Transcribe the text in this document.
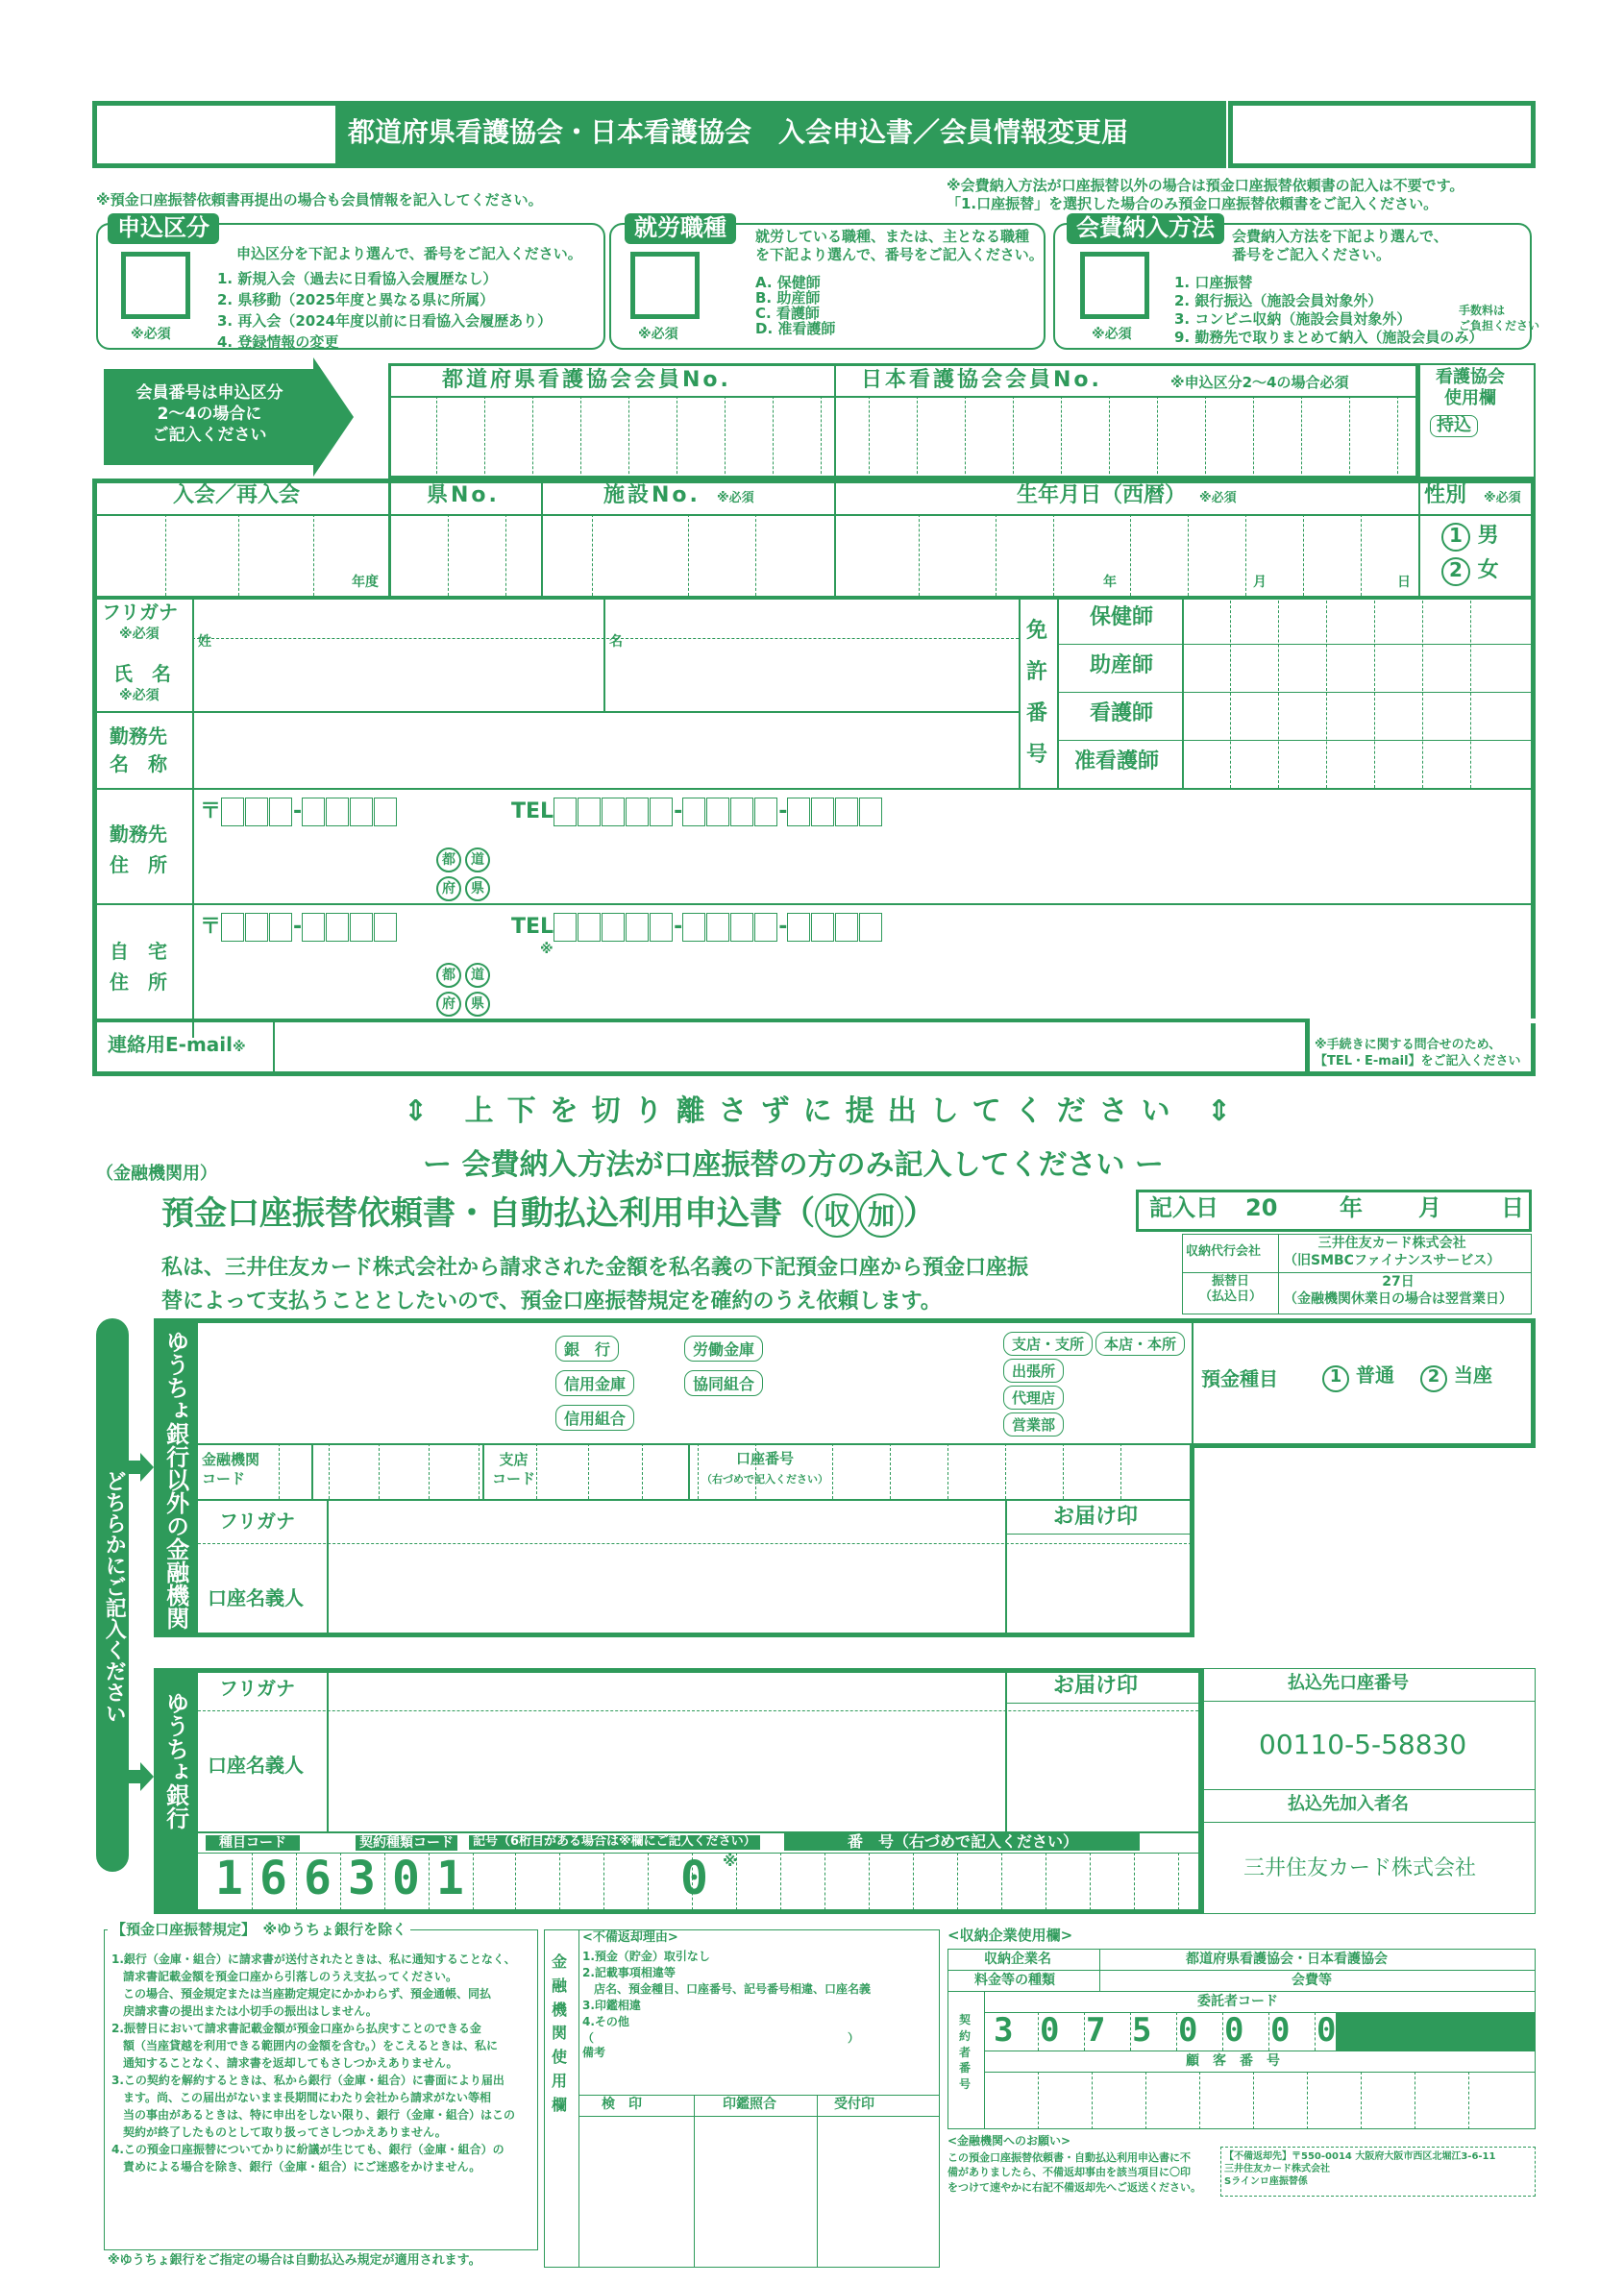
都道府県看護協会・日本看護協会　入会申込書／会員情報変更届
※預金口座振替依頼書再提出の場合も会員情報を記入してください。
※会費納入方法が口座振替以外の場合は預金口座振替依頼書の記入は不要です。
「1.口座振替」を選択した場合のみ預金口座振替依頼書をご記入ください。
申込区分
※必須
申込区分を下記より選んで、番号をご記入ください。
1. 新規入会（過去に日看協入会履歴なし）
2. 県移動（2025年度と異なる県に所属）
3. 再入会（2024年度以前に日看協入会履歴あり）
4. 登録情報の変更
就労職種
※必須
就労している職種、または、主となる職種
を下記より選んで、番号をご記入ください。
A. 保健師
B. 助産師
C. 看護師
D. 准看護師
会費納入方法
※必須
会費納入方法を下記より選んで、
番号をご記入ください。
1. 口座振替
2. 銀行振込（施設会員対象外）
3. コンビニ収納（施設会員対象外）
9. 勤務先で取りまとめて納入（施設会員のみ）
手数料は
ご負担ください
会員番号は申込区分
2〜4の場合に
ご記入ください
都道府県看護協会会員No.	日本看護協会会員No.	※申込区分2〜4の場合必須	看護協会
使用欄
持込
入会／再入会	県No.	施設No. ※必須	生年月日（西暦） ※必須	性別 ※必須
年度	年	月	日
1 男
2 女
フリガナ
※必須
氏　名
※必須
姓	名	免
許
番
号
保健師
助産師
看護師
准看護師
勤務先
名　称
勤務先
住　所
自　宅
住　所
〒	-	TEL	-	-
都	道
府	県
〒	-	TEL	-	-
都	道
府	県
※
連絡用E-mail※	※手続きに関する問合せのため、
【TEL・E-mail】をご記入ください
⇕ 上下を切り離さずに提出してください ⇕
ー 会費納入方法が口座振替の方のみ記入してください ー
（金融機関用）
預金口座振替依頼書・自動払込利用申込書（ 収 加 ）	記入日 20	年 月	日
私は、三井住友カード株式会社から請求された金額を私名義の下記預金口座から預金口座振
替によって支払うこととしたいので、預金口座振替規定を確約のうえ依頼します。
収納代行会社
三井住友カード株式会社
（旧SMBCファイナンスサービス）
振替日
（払込日）
27日
（金融機関休業日の場合は翌営業日）
どちらかにご記入ください ゆうちょ銀行以外の金融機関	預金種目	1 普通	2 当座
銀　行	労働金庫
信用金庫	協同組合
信用組合
支店・支所	本店・本所
出張所
代理店
営業部
金融機関
コード
支店
コード
口座番号
（右づめで記入ください）
フリガナ
口座名義人
お届け印
ゆうちょ銀行
フリガナ
口座名義人
お届け印
種目コード	契約種類コード	記号（6桁目がある場合は※欄にご記入ください）	番　号（右づめで記入ください）
1 6 6 3 0 1	0 ※
払込先口座番号
00110-5-58830
払込先加入者名
三井住友カード株式会社
【預金口座振替規定】　※ゆうちょ銀行を除く
1.銀行（金庫・組合）に請求書が送付されたときは、私に通知することなく、
　請求書記載金額を預金口座から引落しのうえ支払ってください。
　この場合、預金規定または当座勘定規定にかかわらず、預金通帳、同払
　戻請求書の提出または小切手の振出はしません。
2.振替日において請求書記載金額が預金口座から払戻すことのできる金
　額（当座貸越を利用できる範囲内の金額を含む。）をこえるときは、私に
　通知することなく、請求書を返却してもさしつかえありません。
3.この契約を解約するときは、私から銀行（金庫・組合）に書面により届出
　ます。尚、この届出がないまま長期間にわたり会社から請求がない等相
　当の事由があるときは、特に申出をしない限り、銀行（金庫・組合）はこの
　契約が終了したものとして取り扱ってさしつかえありません。
4.この預金口座振替についてかりに紛議が生じても、銀行（金庫・組合）の
　責めによる場合を除き、銀行（金庫・組合）にご迷惑をかけません。
※ゆうちょ銀行をご指定の場合は自動払込み規定が適用されます。
金
融
機
関
使
用
欄
<不備返却理由>
1.預金（貯金）取引なし
2.記載事項相違等
　店名、預金種目、口座番号、記号番号相違、口座名義
3.印鑑相違
4.その他
（　　　　　　　　　　　　　　　　　　　　　　）
備考
検　印	印鑑照合	受付印
<収納企業使用欄>
収納企業名	都道府県看護協会・日本看護協会
料金等の種類	会費等
委託者コード
3 0 7 5 0 0 0 0
顧　客　番　号
契
約
者
番
号
<金融機関へのお願い>
この預金口座振替依頼書・自動払込利用申込書に不
備がありましたら、不備返却事由を該当項目に〇印
をつけて速やかに右記不備返却先へご返送ください。
【不備返却先】〒550-0014 大阪府大阪市西区北堀江3-6-11
三井住友カード株式会社
Sラインロ座振替係
